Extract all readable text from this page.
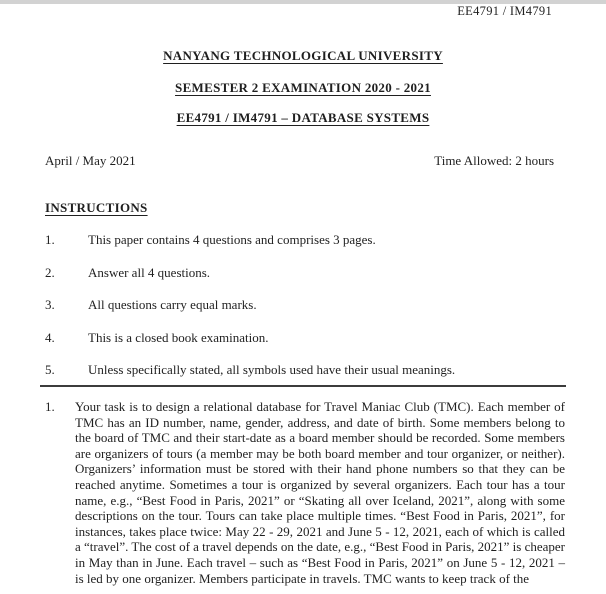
EE4791 / IM4791
NANYANG TECHNOLOGICAL UNIVERSITY
SEMESTER 2 EXAMINATION 2020 - 2021
EE4791 / IM4791 – DATABASE SYSTEMS
April / May 2021	Time Allowed: 2 hours
INSTRUCTIONS
1.	This paper contains 4 questions and comprises 3 pages.
2.	Answer all 4 questions.
3.	All questions carry equal marks.
4.	This is a closed book examination.
5.	Unless specifically stated, all symbols used have their usual meanings.
1.	Your task is to design a relational database for Travel Maniac Club (TMC). Each member of TMC has an ID number, name, gender, address, and date of birth. Some members belong to the board of TMC and their start-date as a board member should be recorded. Some members are organizers of tours (a member may be both board member and tour organizer, or neither). Organizers’ information must be stored with their hand phone numbers so that they can be reached anytime. Sometimes a tour is organized by several organizers. Each tour has a tour name, e.g., “Best Food in Paris, 2021” or “Skating all over Iceland, 2021”, along with some descriptions on the tour. Tours can take place multiple times. “Best Food in Paris, 2021”, for instances, takes place twice: May 22 - 29, 2021 and June 5 - 12, 2021, each of which is called a “travel”. The cost of a travel depends on the date, e.g., “Best Food in Paris, 2021” is cheaper in May than in June. Each travel – such as “Best Food in Paris, 2021” on June 5 - 12, 2021 – is led by one organizer. Members participate in travels. TMC wants to keep track of the
